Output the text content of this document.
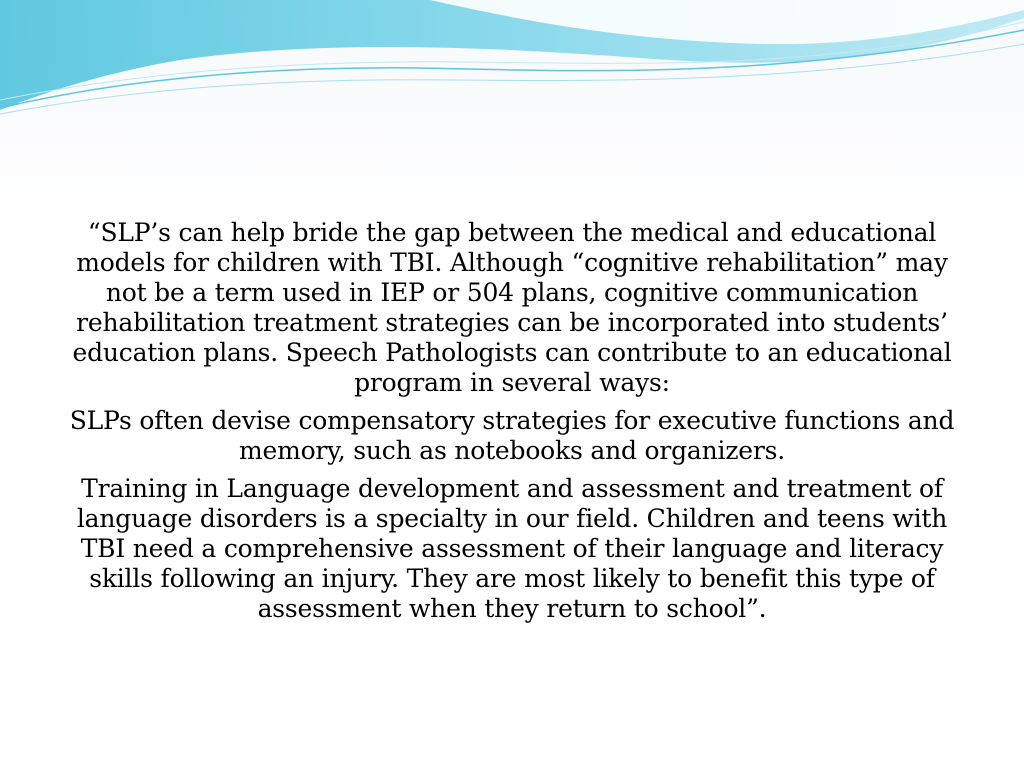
“SLP’s can help bride the gap between the medical and educational models for children with TBI. Although “cognitive rehabilitation” may not be a term used in IEP or 504 plans, cognitive communication rehabilitation treatment strategies can be incorporated into students’ education plans. Speech Pathologists can contribute to an educational program in several ways:

SLPs often devise compensatory strategies for executive functions and memory, such as notebooks and organizers.

Training in Language development and assessment and treatment of language disorders is a specialty in our field. Children and teens with TBI need a comprehensive assessment of their language and literacy skills following an injury. They are most likely to benefit this type of assessment when they return to school”.
